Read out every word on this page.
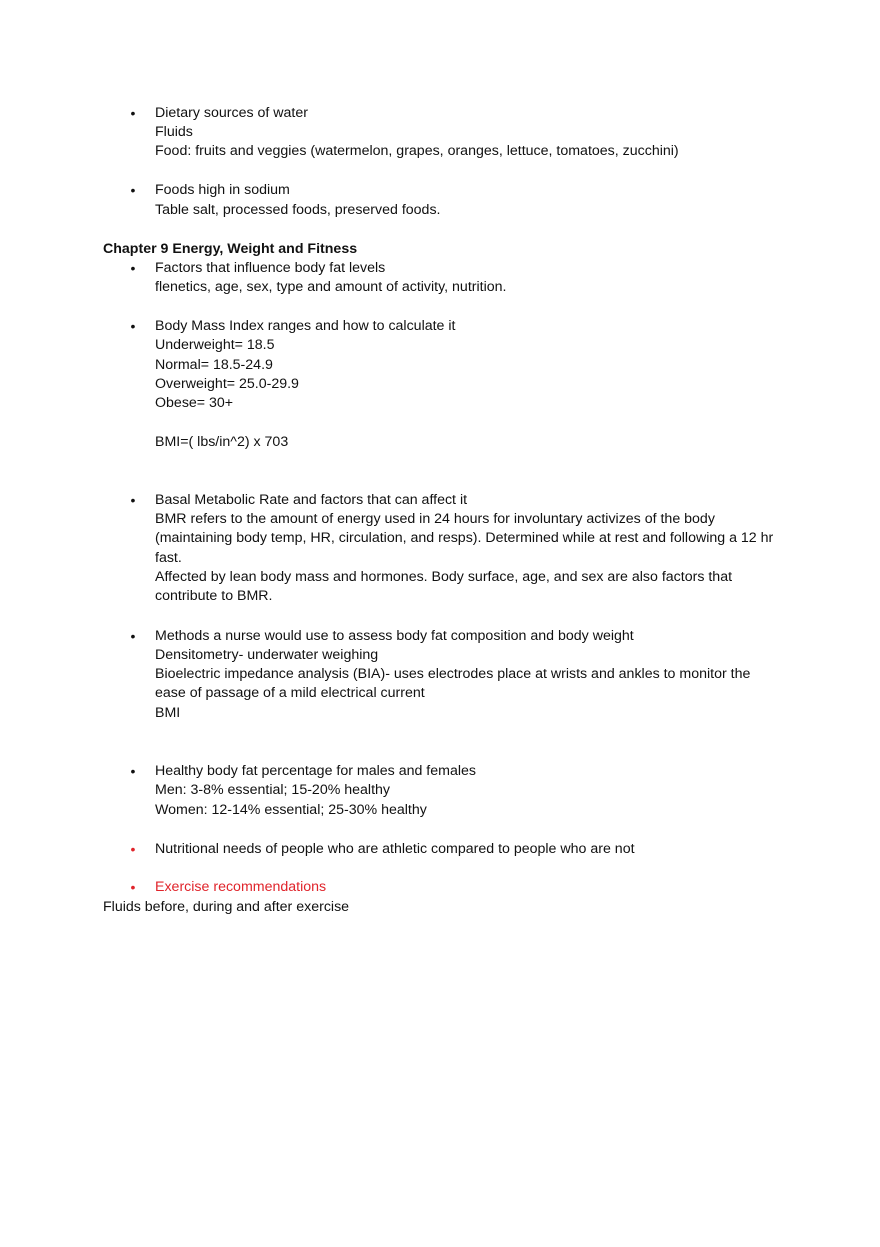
• Dietary sources of water
Fluids
Food: fruits and veggies (watermelon, grapes, oranges, lettuce, tomatoes, zucchini)
• Foods high in sodium
Table salt, processed foods, preserved foods.
Chapter 9 Energy, Weight and Fitness
• Factors that influence body fat levels
flenetics, age, sex, type and amount of activity, nutrition.
• Body Mass Index ranges and how to calculate it
Underweight= 18.5
Normal= 18.5-24.9
Overweight= 25.0-29.9
Obese= 30+
BMI=( lbs/in^2) x 703
• Basal Metabolic Rate and factors that can affect it
BMR refers to the amount of energy used in 24 hours for involuntary activizes of the body (maintaining body temp, HR, circulation, and resps). Determined while at rest and following a 12 hr fast.
Affected by lean body mass and hormones. Body surface, age, and sex are also factors that contribute to BMR.
• Methods a nurse would use to assess body fat composition and body weight
Densitometry- underwater weighing
Bioelectric impedance analysis (BIA)- uses electrodes place at wrists and ankles to monitor the ease of passage of a mild electrical current
BMI
• Healthy body fat percentage for males and females
Men: 3-8% essential; 15-20% healthy
Women: 12-14% essential; 25-30% healthy
• Nutritional needs of people who are athletic compared to people who are not
• Exercise recommendations
Fluids before, during and after exercise
